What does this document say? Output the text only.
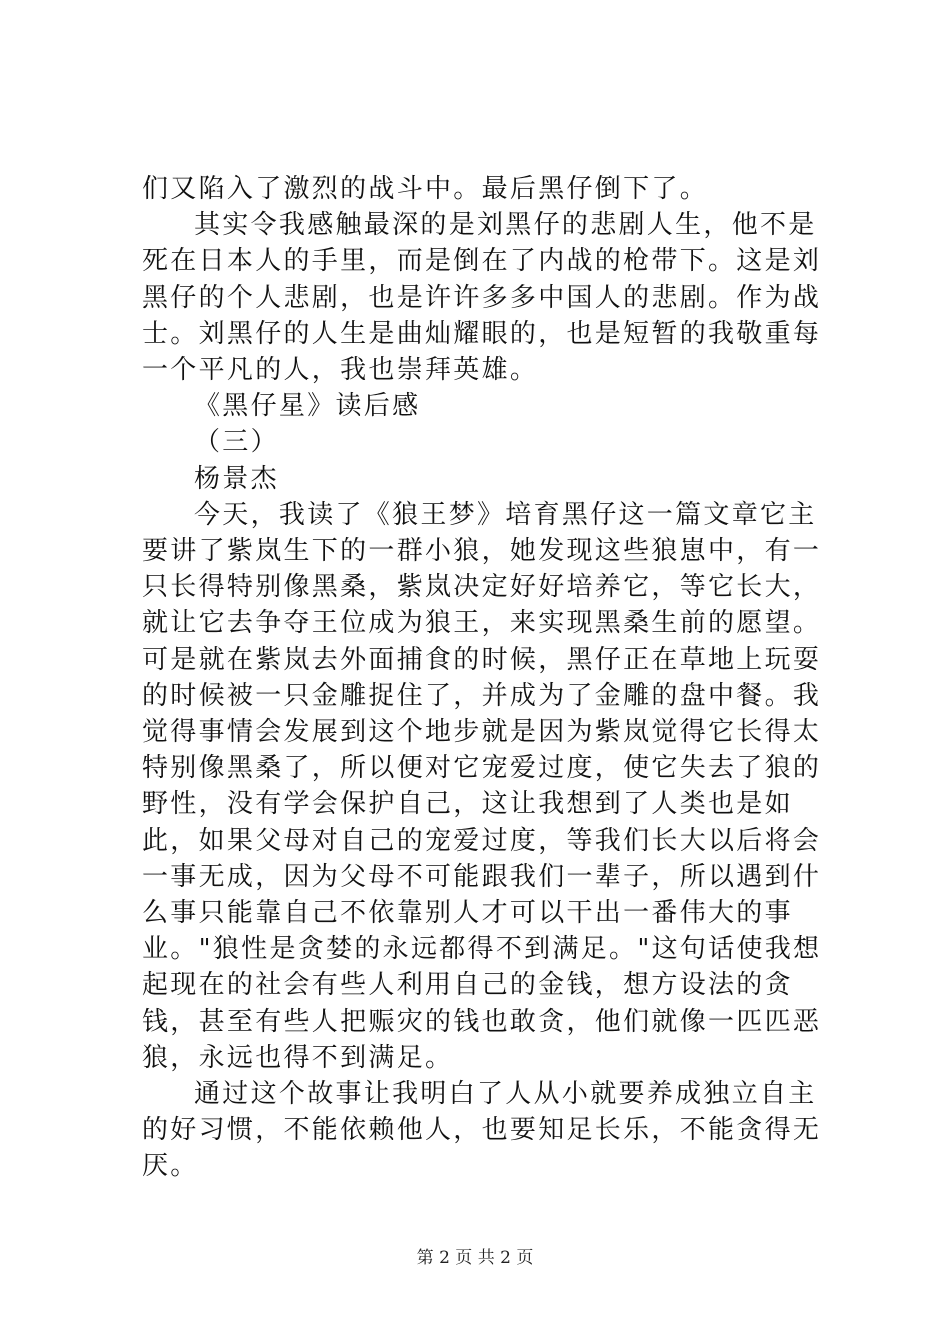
们又陷入了激烈的战斗中。最后黑仔倒下了。

其实令我感触最深的是刘黑仔的悲剧人生，他不是死在日本人的手里，而是倒在了内战的枪带下。这是刘黑仔的个人悲剧，也是许许多多中国人的悲剧。作为战士。刘黑仔的人生是曲灿耀眼的，也是短暂的我敬重每一个平凡的人，我也崇拜英雄。

《黑仔星》读后感

（三）

杨景杰

今天，我读了《狼王梦》培育黑仔这一篇文章它主要讲了紫岚生下的一群小狼，她发现这些狼崽中，有一只长得特别像黑桑，紫岚决定好好培养它，等它长大，就让它去争夺王位成为狼王，来实现黑桑生前的愿望。可是就在紫岚去外面捕食的时候，黑仔正在草地上玩耍的时候被一只金雕捉住了，并成为了金雕的盘中餐。我觉得事情会发展到这个地步就是因为紫岚觉得它长得太特别像黑桑了，所以便对它宠爱过度，使它失去了狼的野性，没有学会保护自己，这让我想到了人类也是如此，如果父母对自己的宠爱过度，等我们长大以后将会一事无成，因为父母不可能跟我们一辈子，所以遇到什么事只能靠自己不依靠别人才可以干出一番伟大的事业。"狼性是贪婪的永远都得不到满足。"这句话使我想起现在的社会有些人利用自己的金钱，想方设法的贪钱，甚至有些人把赈灾的钱也敢贪，他们就像一匹匹恶狼，永远也得不到满足。

通过这个故事让我明白了人从小就要养成独立自主的好习惯，不能依赖他人，也要知足长乐，不能贪得无厌。

第 2 页 共 2 页
